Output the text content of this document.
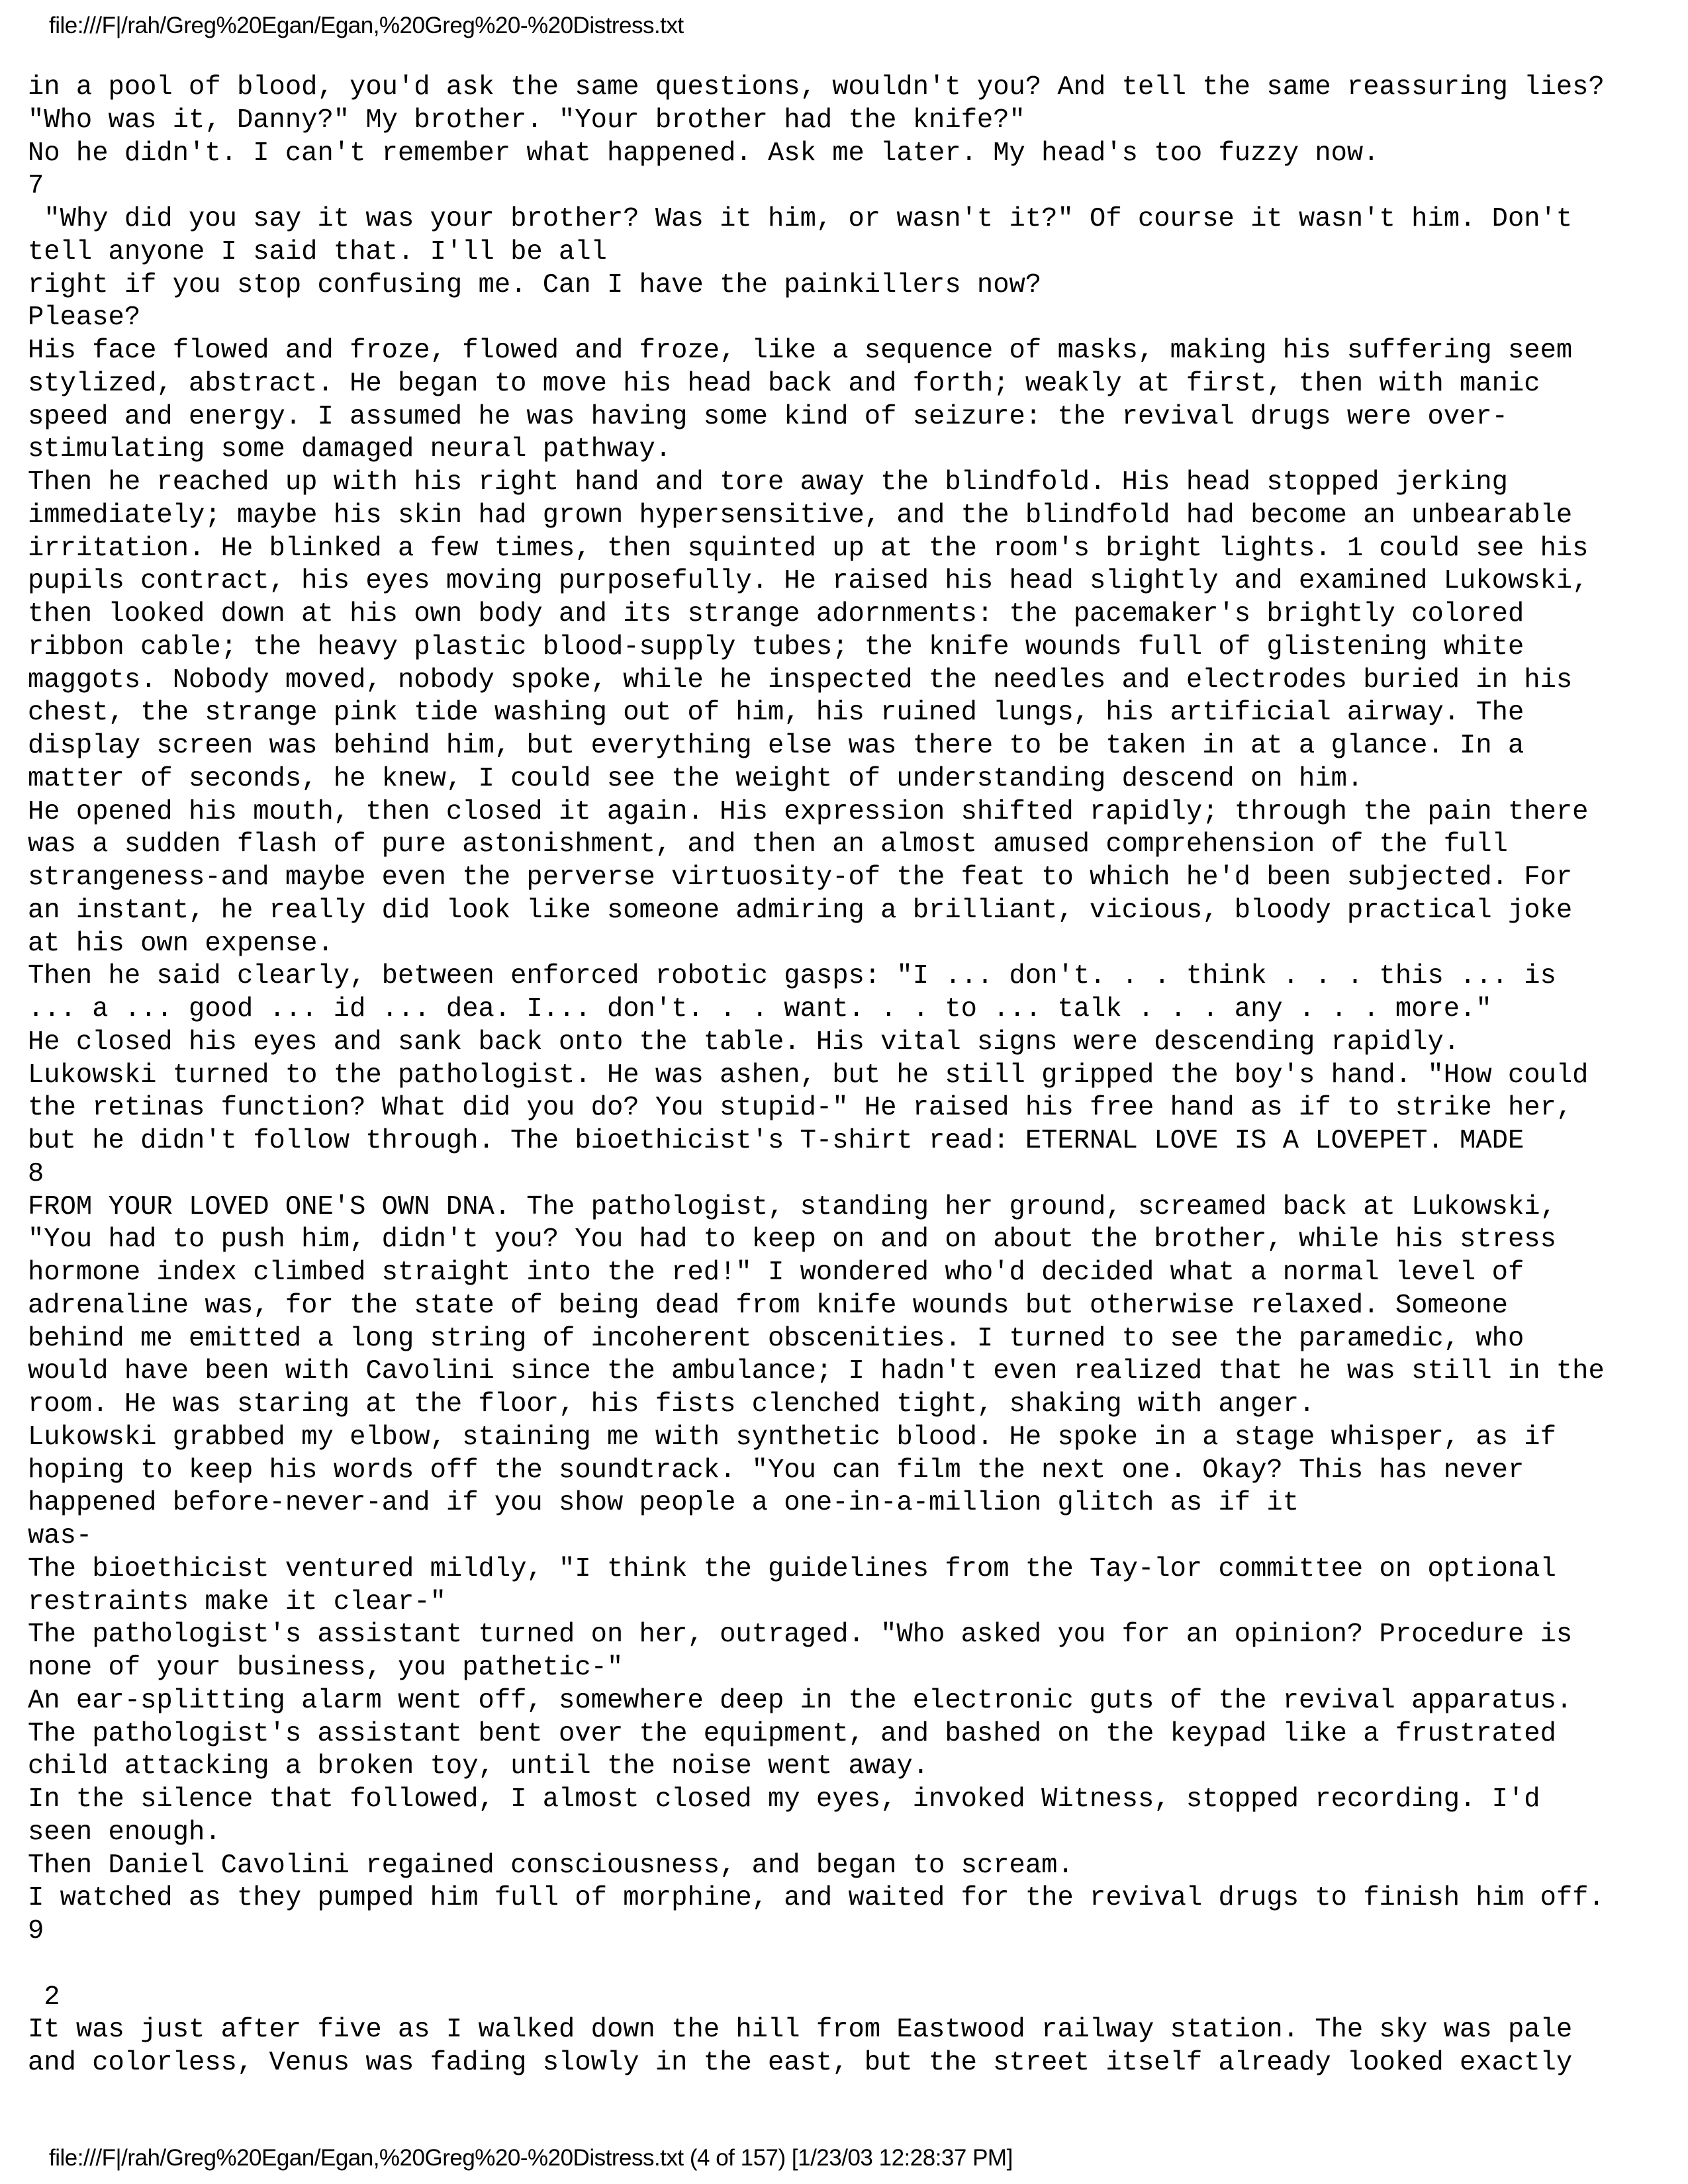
file:///F|/rah/Greg%20Egan/Egan,%20Greg%20-%20Distress.txt
in a pool of blood, you'd ask the same questions, wouldn't you? And tell the same reassuring lies?
"Who was it, Danny?" My brother. "Your brother had the knife?"
No he didn't. I can't remember what happened. Ask me later. My head's too fuzzy now.
7
"Why did you say it was your brother? Was it him, or wasn't it?" Of course it wasn't him. Don't
tell anyone I said that. I'll be all
right if you stop confusing me. Can I have the painkillers now?
Please?
His face flowed and froze, flowed and froze, like a sequence of masks, making his suffering seem
stylized, abstract. He began to move his head back and forth; weakly at first, then with manic
speed and energy. I assumed he was having some kind of seizure: the revival drugs were over-
stimulating some damaged neural pathway.
Then he reached up with his right hand and tore away the blindfold. His head stopped jerking
immediately; maybe his skin had grown hypersensitive, and the blindfold had become an unbearable
irritation. He blinked a few times, then squinted up at the room's bright lights. 1 could see his
pupils contract, his eyes moving purposefully. He raised his head slightly and examined Lukowski,
then looked down at his own body and its strange adornments: the pacemaker's brightly colored
ribbon cable; the heavy plastic blood-supply tubes; the knife wounds full of glistening white
maggots. Nobody moved, nobody spoke, while he inspected the needles and electrodes buried in his
chest, the strange pink tide washing out of him, his ruined lungs, his artificial airway. The
display screen was behind him, but everything else was there to be taken in at a glance. In a
matter of seconds, he knew, I could see the weight of understanding descend on him.
He opened his mouth, then closed it again. His expression shifted rapidly; through the pain there
was a sudden flash of pure astonishment, and then an almost amused comprehension of the full
strangeness-and maybe even the perverse virtuosity-of the feat to which he'd been subjected. For
an instant, he really did look like someone admiring a brilliant, vicious, bloody practical joke
at his own expense.
Then he said clearly, between enforced robotic gasps: "I ... don't. . . think . . . this ... is
... a ... good ... id ... dea. I... don't. . . want. . . to ... talk . . . any . . . more."
He closed his eyes and sank back onto the table. His vital signs were descending rapidly.
Lukowski turned to the pathologist. He was ashen, but he still gripped the boy's hand. "How could
the retinas function? What did you do? You stupid-" He raised his free hand as if to strike her,
but he didn't follow through. The bioethicist's T-shirt read: ETERNAL LOVE IS A LOVEPET. MADE
8
FROM YOUR LOVED ONE'S OWN DNA. The pathologist, standing her ground, screamed back at Lukowski,
"You had to push him, didn't you? You had to keep on and on about the brother, while his stress
hormone index climbed straight into the red!" I wondered who'd decided what a normal level of
adrenaline was, for the state of being dead from knife wounds but otherwise relaxed. Someone
behind me emitted a long string of incoherent obscenities. I turned to see the paramedic, who
would have been with Cavolini since the ambulance; I hadn't even realized that he was still in the
room. He was staring at the floor, his fists clenched tight, shaking with anger.
Lukowski grabbed my elbow, staining me with synthetic blood. He spoke in a stage whisper, as if
hoping to keep his words off the soundtrack. "You can film the next one. Okay? This has never
happened before-never-and if you show people a one-in-a-million glitch as if it
was-
The bioethicist ventured mildly, "I think the guidelines from the Tay-lor committee on optional
restraints make it clear-"
The pathologist's assistant turned on her, outraged. "Who asked you for an opinion? Procedure is
none of your business, you pathetic-"
An ear-splitting alarm went off, somewhere deep in the electronic guts of the revival apparatus.
The pathologist's assistant bent over the equipment, and bashed on the keypad like a frustrated
child attacking a broken toy, until the noise went away.
In the silence that followed, I almost closed my eyes, invoked Witness, stopped recording. I'd
seen enough.
Then Daniel Cavolini regained consciousness, and began to scream.
I watched as they pumped him full of morphine, and waited for the revival drugs to finish him off.
9
2
It was just after five as I walked down the hill from Eastwood railway station. The sky was pale
and colorless, Venus was fading slowly in the east, but the street itself already looked exactly
file:///F|/rah/Greg%20Egan/Egan,%20Greg%20-%20Distress.txt (4 of 157) [1/23/03 12:28:37 PM]
